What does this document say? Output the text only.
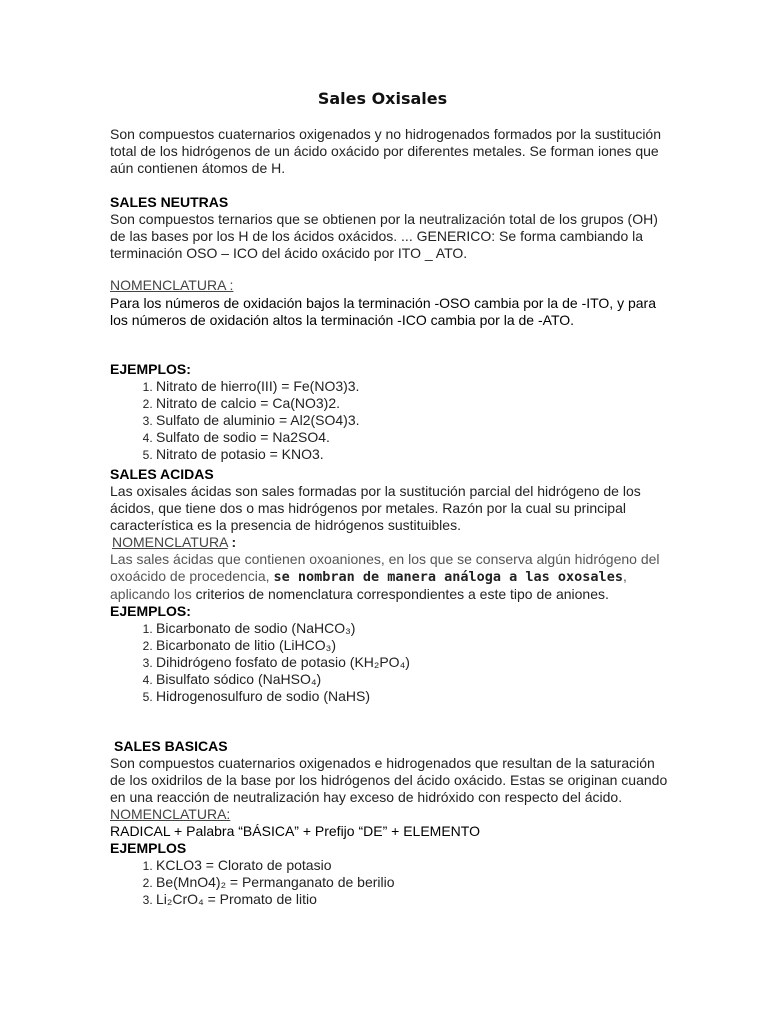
Sales Oxisales

Son compuestos cuaternarios oxigenados y no hidrogenados formados por la sustitución total de los hidrógenos de un ácido oxácido por diferentes metales. Se forman iones que aún contienen átomos de H.

SALES NEUTRAS

Son compuestos ternarios que se obtienen por la neutralización total de los grupos (OH) de las bases por los H de los ácidos oxácidos. ... GENERICO: Se forma cambiando la terminación OSO – ICO del ácido oxácido por ITO _ ATO.

NOMENCLATURA :

Para los números de oxidación bajos la terminación -OSO cambia por la de -ITO, y para los números de oxidación altos la terminación -ICO cambia por la de -ATO.

EJEMPLOS:

1. Nitrato de hierro(III) = Fe(NO3)3.
2. Nitrato de calcio = Ca(NO3)2.
3. Sulfato de aluminio = Al2(SO4)3.
4. Sulfato de sodio = Na2SO4.
5. Nitrato de potasio = KNO3.

SALES ACIDAS

Las oxisales ácidas son sales formadas por la sustitución parcial del hidrógeno de los ácidos, que tiene dos o mas hidrógenos por metales. Razón por la cual su principal característica es la presencia de hidrógenos sustituibles.

NOMENCLATURA :

Las sales ácidas que contienen oxoaniones, en los que se conserva algún hidrógeno del oxoácido de procedencia, se nombran de manera análoga a las oxosales, aplicando los criterios de nomenclatura correspondientes a este tipo de aniones.

EJEMPLOS:

1. Bicarbonato de sodio (NaHCO₃)
2. Bicarbonato de litio (LiHCO₃)
3. Dihidrógeno fosfato de potasio (KH₂PO₄)
4. Bisulfato sódico (NaHSO₄)
5. Hidrogenosulfuro de sodio (NaHS)

SALES BASICAS

Son compuestos cuaternarios oxigenados e hidrogenados que resultan de la saturación de los oxidrilos de la base por los hidrógenos del ácido oxácido. Estas se originan cuando en una reacción de neutralización hay exceso de hidróxido con respecto del ácido.

NOMENCLATURA:

RADICAL + Palabra “BÁSICA” + Prefijo “DE” + ELEMENTO

EJEMPLOS

1. KCLO3 = Clorato de potasio
2. Be(MnO4)₂ = Permanganato de berilio
3. Li₂CrO₄ = Promato de litio
